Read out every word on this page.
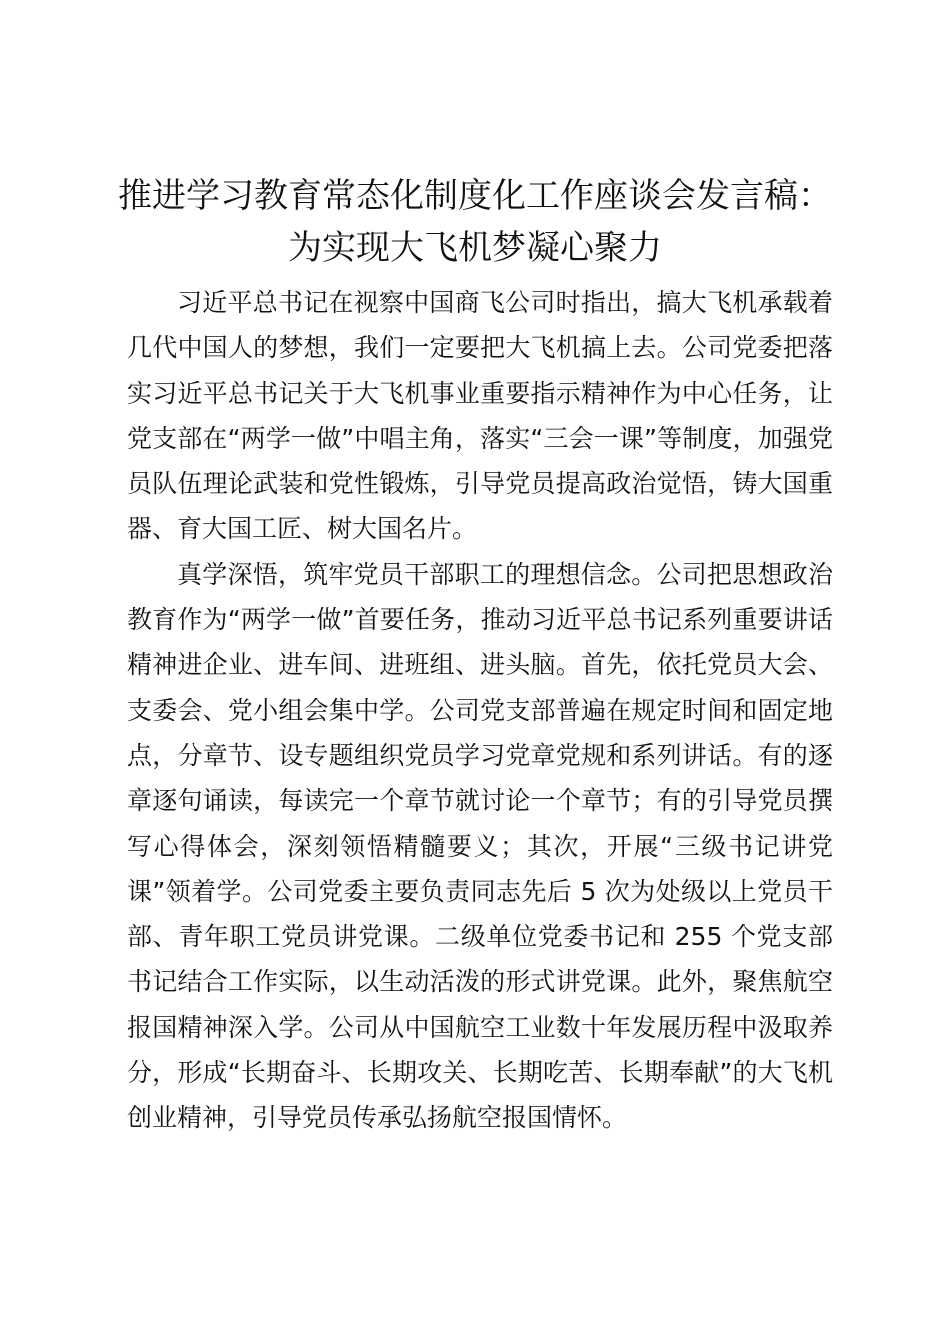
推进学习教育常态化制度化工作座谈会发言稿：为实现大飞机梦凝心聚力

习近平总书记在视察中国商飞公司时指出，搞大飞机承载着几代中国人的梦想，我们一定要把大飞机搞上去。公司党委把落实习近平总书记关于大飞机事业重要指示精神作为中心任务，让党支部在“两学一做”中唱主角，落实“三会一课”等制度，加强党员队伍理论武装和党性锻炼，引导党员提高政治觉悟，铸大国重器、育大国工匠、树大国名片。

真学深悟，筑牢党员干部职工的理想信念。公司把思想政治教育作为“两学一做”首要任务，推动习近平总书记系列重要讲话精神进企业、进车间、进班组、进头脑。首先，依托党员大会、支委会、党小组会集中学。公司党支部普遍在规定时间和固定地点，分章节、设专题组织党员学习党章党规和系列讲话。有的逐章逐句诵读，每读完一个章节就讨论一个章节；有的引导党员撰写心得体会，深刻领悟精髓要义；其次，开展“三级书记讲党课”领着学。公司党委主要负责同志先后 5 次为处级以上党员干部、青年职工党员讲党课。二级单位党委书记和 255 个党支部书记结合工作实际，以生动活泼的形式讲党课。此外，聚焦航空报国精神深入学。公司从中国航空工业数十年发展历程中汲取养分，形成“长期奋斗、长期攻关、长期吃苦、长期奉献”的大飞机创业精神，引导党员传承弘扬航空报国情怀。
